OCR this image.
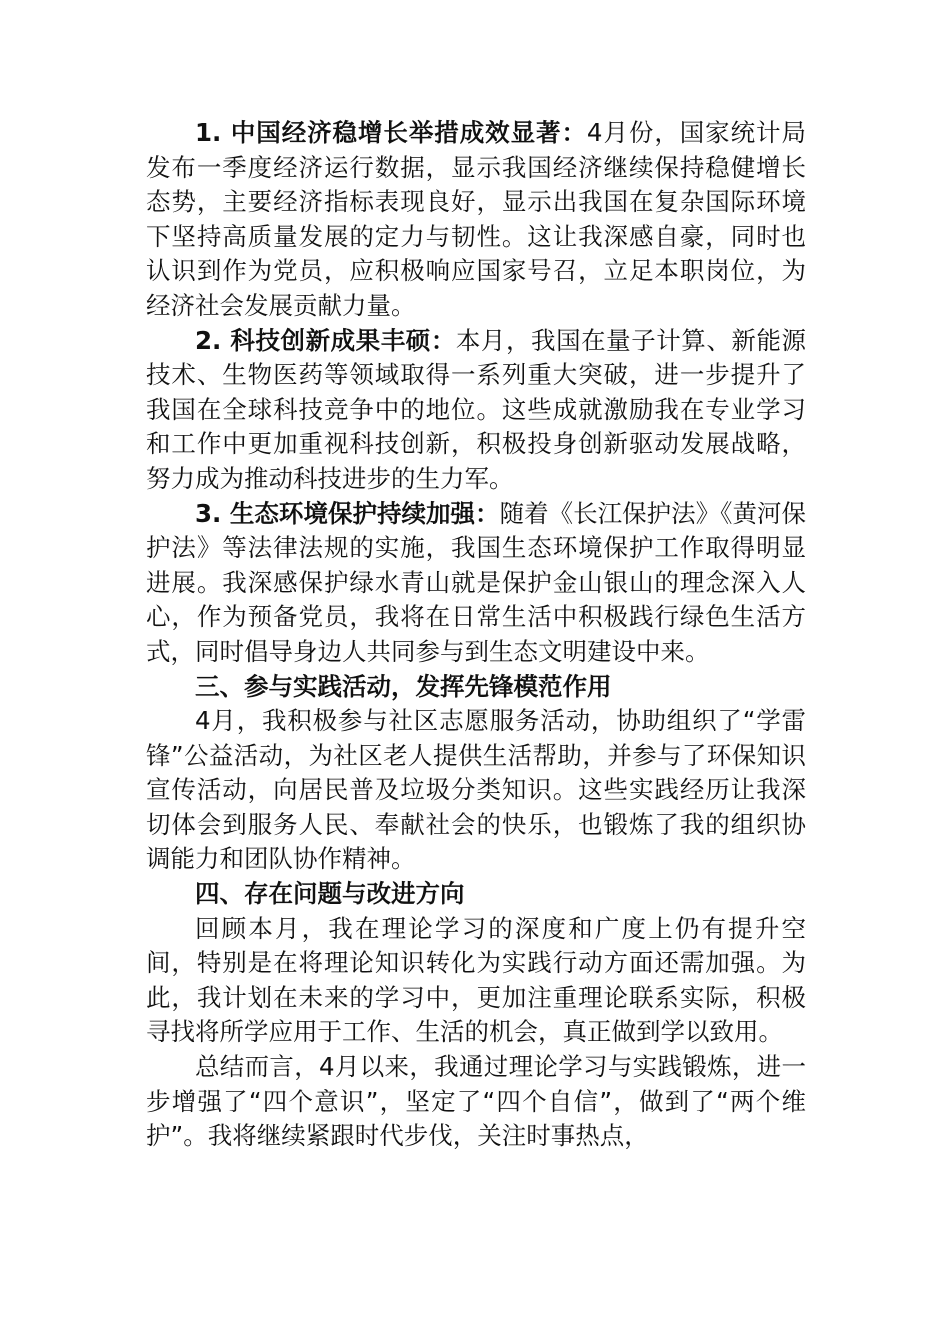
1. 中国经济稳增长举措成效显著：4月份，国家统计局发布一季度经济运行数据，显示我国经济继续保持稳健增长态势，主要经济指标表现良好，显示出我国在复杂国际环境下坚持高质量发展的定力与韧性。这让我深感自豪，同时也认识到作为党员，应积极响应国家号召，立足本职岗位，为经济社会发展贡献力量。

2. 科技创新成果丰硕：本月，我国在量子计算、新能源技术、生物医药等领域取得一系列重大突破，进一步提升了我国在全球科技竞争中的地位。这些成就激励我在专业学习和工作中更加重视科技创新，积极投身创新驱动发展战略，努力成为推动科技进步的生力军。

3. 生态环境保护持续加强：随着《长江保护法》《黄河保护法》等法律法规的实施，我国生态环境保护工作取得明显进展。我深感保护绿水青山就是保护金山银山的理念深入人心，作为预备党员，我将在日常生活中积极践行绿色生活方式，同时倡导身边人共同参与到生态文明建设中来。

三、参与实践活动，发挥先锋模范作用

4月，我积极参与社区志愿服务活动，协助组织了“学雷锋”公益活动，为社区老人提供生活帮助，并参与了环保知识宣传活动，向居民普及垃圾分类知识。这些实践经历让我深切体会到服务人民、奉献社会的快乐，也锻炼了我的组织协调能力和团队协作精神。

四、存在问题与改进方向

回顾本月，我在理论学习的深度和广度上仍有提升空间，特别是在将理论知识转化为实践行动方面还需加强。为此，我计划在未来的学习中，更加注重理论联系实际，积极寻找将所学应用于工作、生活的机会，真正做到学以致用。

总结而言，4月以来，我通过理论学习与实践锻炼，进一步增强了“四个意识”，坚定了“四个自信”，做到了“两个维护”。我将继续紧跟时代步伐，关注时事热点，
